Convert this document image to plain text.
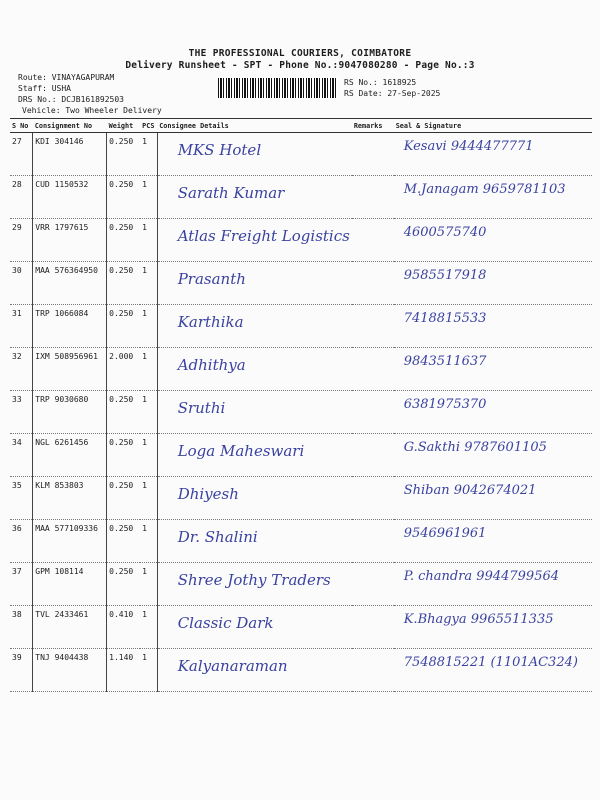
THE PROFESSIONAL COURIERS, COIMBATORE
Delivery Runsheet - SPT - Phone No.:9047080280 - Page No.:3
Route: VINAYAGAPURAM
Staff: USHA
DRS No.: DCJB161892503
Vehicle: Two Wheeler Delivery
RS No.: 1618925
RS Date: 27-Sep-2025
S No	Consignment No	Weight	PCS	Consignee Details	Remarks	Seal & Signature
27	KDI 304146	0.250	1	MKS Hotel		Kesavi 9444477771

28	CUD 1150532	0.250	1	Sarath Kumar		M.Janagam 9659781103

29	VRR 1797615	0.250	1	Atlas Freight Logistics		4600575740

30	MAA 576364950	0.250	1	Prasanth		9585517918

31	TRP 1066084	0.250	1	Karthika		7418815533

32	IXM 508956961	2.000	1	Adhithya		9843511637

33	TRP 9030680	0.250	1	Sruthi		6381975370

34	NGL 6261456	0.250	1	Loga Maheswari		G.Sakthi 9787601105

35	KLM 853803	0.250	1	Dhiyesh		Shiban 9042674021

36	MAA 577109336	0.250	1	Dr. Shalini		9546961961

37	GPM 108114	0.250	1	Shree Jothy Traders		P. chandra 9944799564

38	TVL 2433461	0.410	1	Classic Dark		K.Bhagya 9965511335

39	TNJ 9404438	1.140	1	Kalyanaraman		7548815221 (1101AC324)
